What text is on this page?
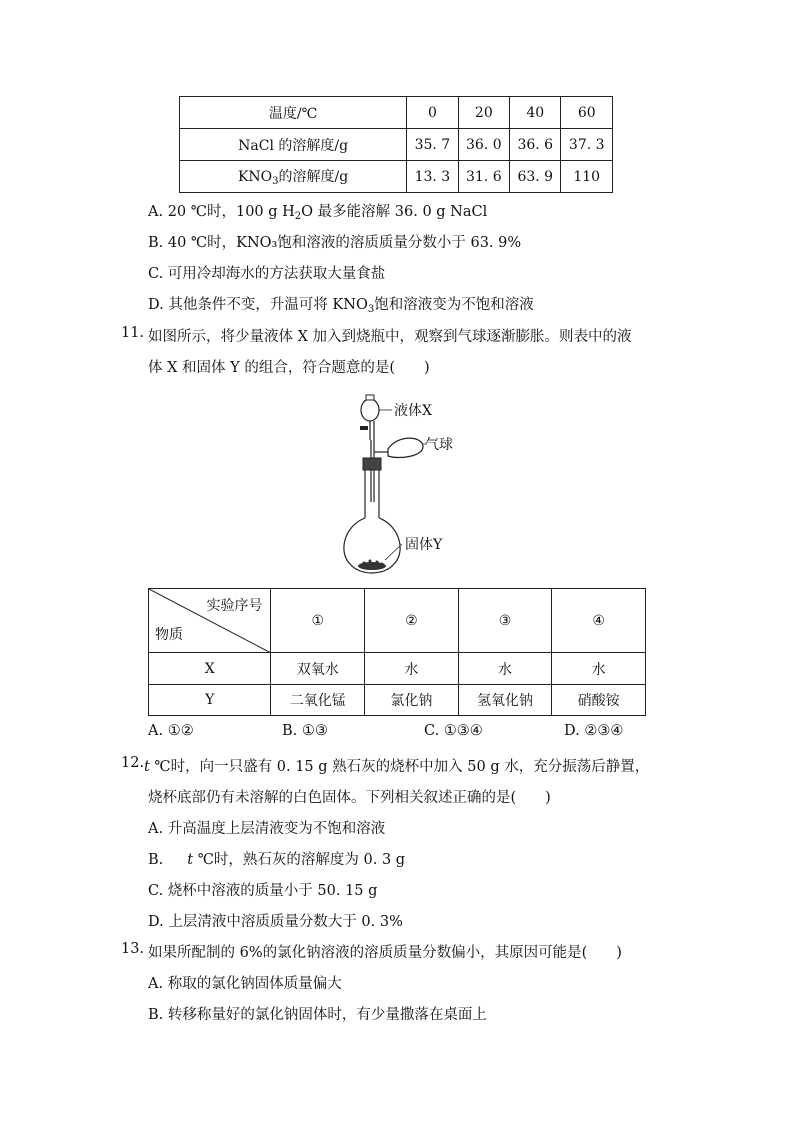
温度/℃	0	20	40	60
NaCl 的溶解度/g	35. 7	36. 0	36. 6	37. 3
$KNO_3$的溶解度/g	13. 3	31. 6	63. 9	110
A. 20 ℃时，100 g $H_2O$ 最多能溶解 36. 0 g NaCl
B. 40 ℃时，KNO₃饱和溶液的溶质质量分数小于 63. 9%
C. 可用冷却海水的方法获取大量食盐
D. 其他条件不变，升温可将 $KNO_3$饱和溶液变为不饱和溶液
11. 如图所示，将少量液体 X 加入到烧瓶中，观察到气球逐渐膨胀。则表中的液
体 X 和固体 Y 的组合，符合题意的是(　　)
液体X
气球
固体Y
实验序号
物质	①	②	③	④
X	双氧水	水	水	水
Y	二氧化锰	氯化钠	氢氧化钠	硝酸铵
A. ①②	B. ①③	C. ①③④	D. ②③④
12. t ℃时，向一只盛有 0. 15 g 熟石灰的烧杯中加入 50 g 水，充分振荡后静置，
烧杯底部仍有未溶解的白色固体。下列相关叙述正确的是(　　)
A. 升高温度上层清液变为不饱和溶液
B. t ℃时，熟石灰的溶解度为 0. 3 g
C. 烧杯中溶液的质量小于 50. 15 g
D. 上层清液中溶质质量分数大于 0. 3%
13. 如果所配制的 6%的氯化钠溶液的溶质质量分数偏小，其原因可能是(　　)
A. 称取的氯化钠固体质量偏大
B. 转移称量好的氯化钠固体时，有少量撒落在桌面上
